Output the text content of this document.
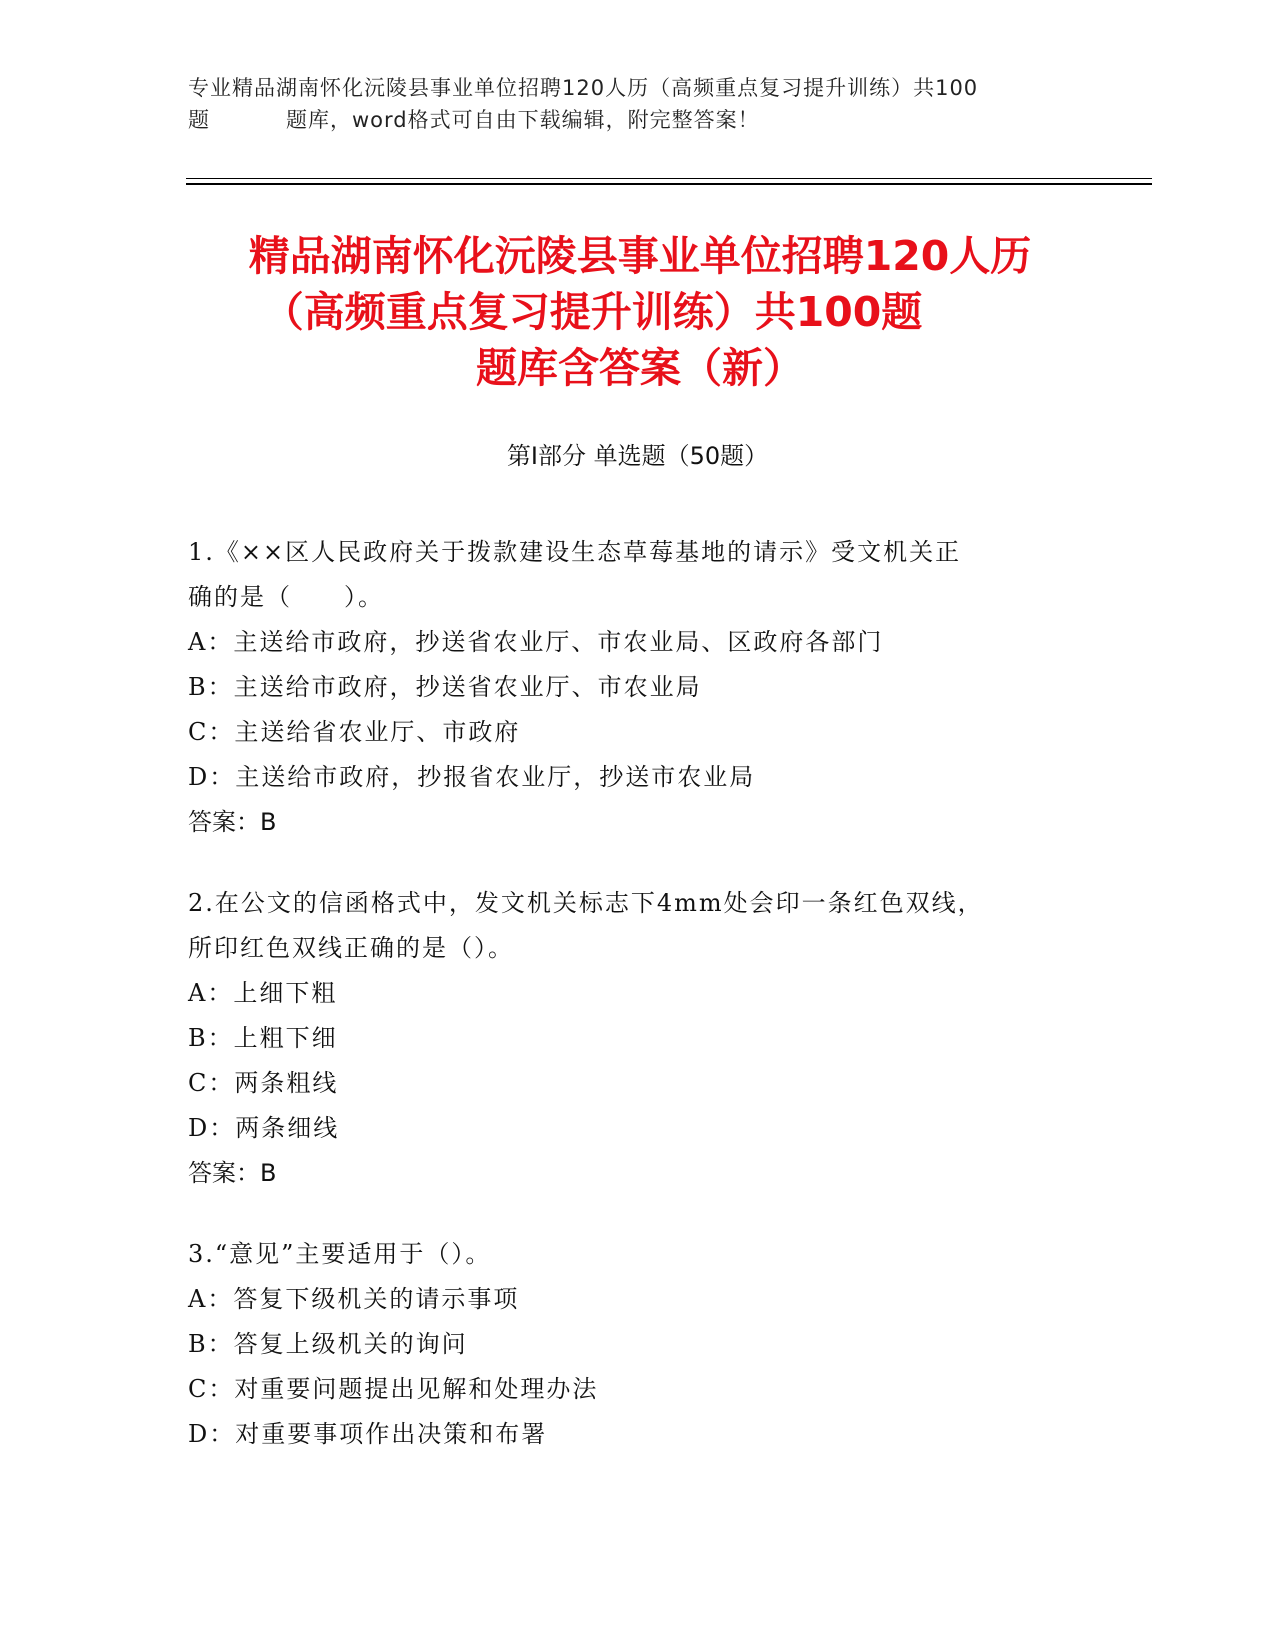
专业精品湖南怀化沅陵县事业单位招聘120人历（高频重点复习提升训练）共100
题	题库，word格式可自由下载编辑，附完整答案！
精品湖南怀化沅陵县事业单位招聘120人历
（高频重点复习提升训练）共100题
题库含答案（新）
第Ⅰ部分 单选题（50题）
1.《××区人民政府关于拨款建设生态草莓基地的请示》受文机关正
确的是（　　）。
A：主送给市政府，抄送省农业厅、市农业局、区政府各部门
B：主送给市政府，抄送省农业厅、市农业局
C：主送给省农业厅、市政府
D：主送给市政府，抄报省农业厅，抄送市农业局
答案：B
2.在公文的信函格式中，发文机关标志下4mm处会印一条红色双线，
所印红色双线正确的是（）。
A：上细下粗
B：上粗下细
C：两条粗线
D：两条细线
答案：B
3.“意见”主要适用于（）。
A：答复下级机关的请示事项
B：答复上级机关的询问
C：对重要问题提出见解和处理办法
D：对重要事项作出决策和布署
